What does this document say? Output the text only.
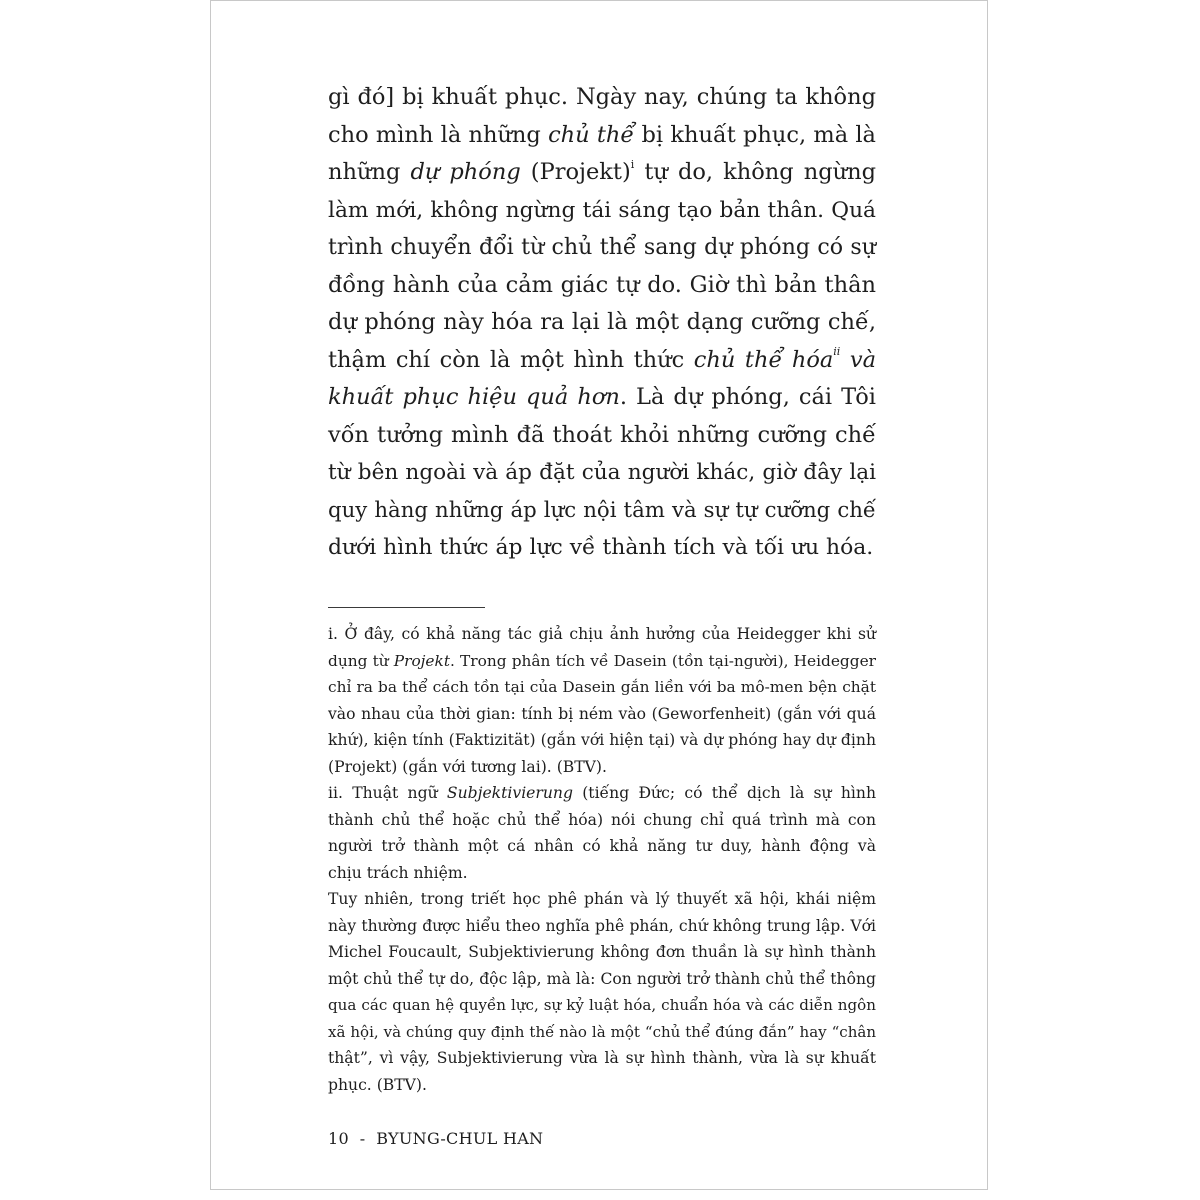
gì đó] bị khuất phục. Ngày nay, chúng ta không
cho mình là những chủ thể bị khuất phục, mà là
những dự phóng (Projekt)$^i$ tự do, không ngừng
làm mới, không ngừng tái sáng tạo bản thân. Quá
trình chuyển đổi từ chủ thể sang dự phóng có sự
đồng hành của cảm giác tự do. Giờ thì bản thân
dự phóng này hóa ra lại là một dạng cưỡng chế,
thậm chí còn là một hình thức chủ thể hóa$^{ii}$ và
khuất phục hiệu quả hơn. Là dự phóng, cái Tôi
vốn tưởng mình đã thoát khỏi những cưỡng chế
từ bên ngoài và áp đặt của người khác, giờ đây lại
quy hàng những áp lực nội tâm và sự tự cưỡng chế
dưới hình thức áp lực về thành tích và tối ưu hóa.
i. Ở đây, có khả năng tác giả chịu ảnh hưởng của Heidegger khi sử
dụng từ Projekt. Trong phân tích về Dasein (tồn tại-người), Heidegger
chỉ ra ba thể cách tồn tại của Dasein gắn liền với ba mô-men bện chặt
vào nhau của thời gian: tính bị ném vào (Geworfenheit) (gắn với quá
khứ), kiện tính (Faktizität) (gắn với hiện tại) và dự phóng hay dự định
(Projekt) (gắn với tương lai). (BTV).
ii. Thuật ngữ Subjektivierung (tiếng Đức; có thể dịch là sự hình
thành chủ thể hoặc chủ thể hóa) nói chung chỉ quá trình mà con
người trở thành một cá nhân có khả năng tư duy, hành động và
chịu trách nhiệm.
Tuy nhiên, trong triết học phê phán và lý thuyết xã hội, khái niệm
này thường được hiểu theo nghĩa phê phán, chứ không trung lập. Với
Michel Foucault, Subjektivierung không đơn thuần là sự hình thành
một chủ thể tự do, độc lập, mà là: Con người trở thành chủ thể thông
qua các quan hệ quyền lực, sự kỷ luật hóa, chuẩn hóa và các diễn ngôn
xã hội, và chúng quy định thế nào là một “chủ thể đúng đắn” hay “chân
thật”, vì vậy, Subjektivierung vừa là sự hình thành, vừa là sự khuất
phục. (BTV).
10 - BYUNG-CHUL HAN
